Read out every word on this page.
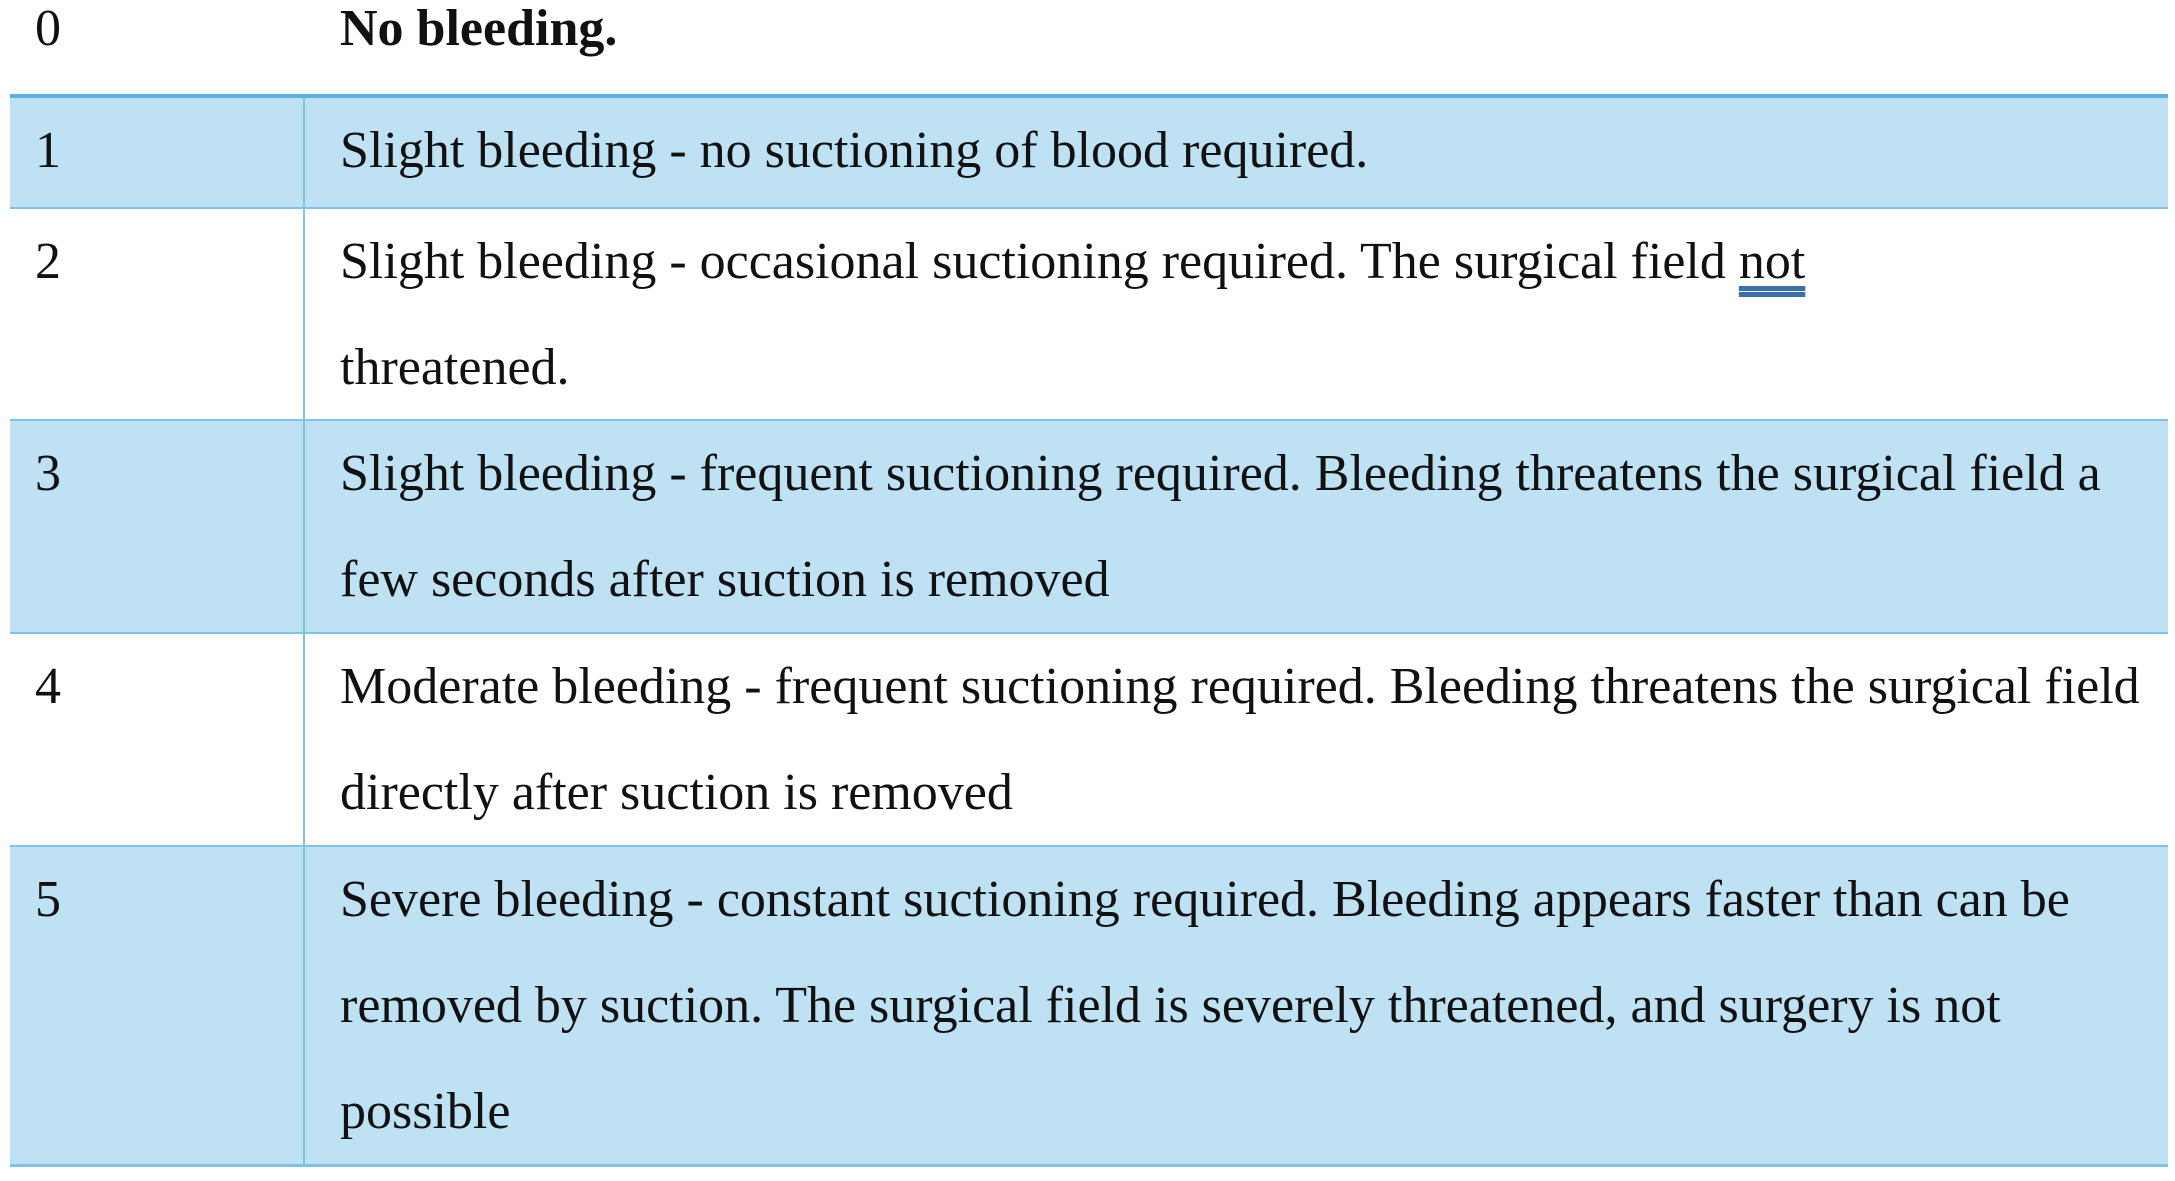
0	No bleeding.
1	Slight bleeding - no suctioning of blood required.
2	Slight bleeding - occasional suctioning required. The surgical field not
threatened.
3	Slight bleeding - frequent suctioning required. Bleeding threatens the surgical field a few seconds after suction is removed
4	Moderate bleeding - frequent suctioning required. Bleeding threatens the surgical field directly after suction is removed
5	Severe bleeding - constant suctioning required. Bleeding appears faster than can be removed by suction. The surgical field is severely threatened, and surgery is not possible
